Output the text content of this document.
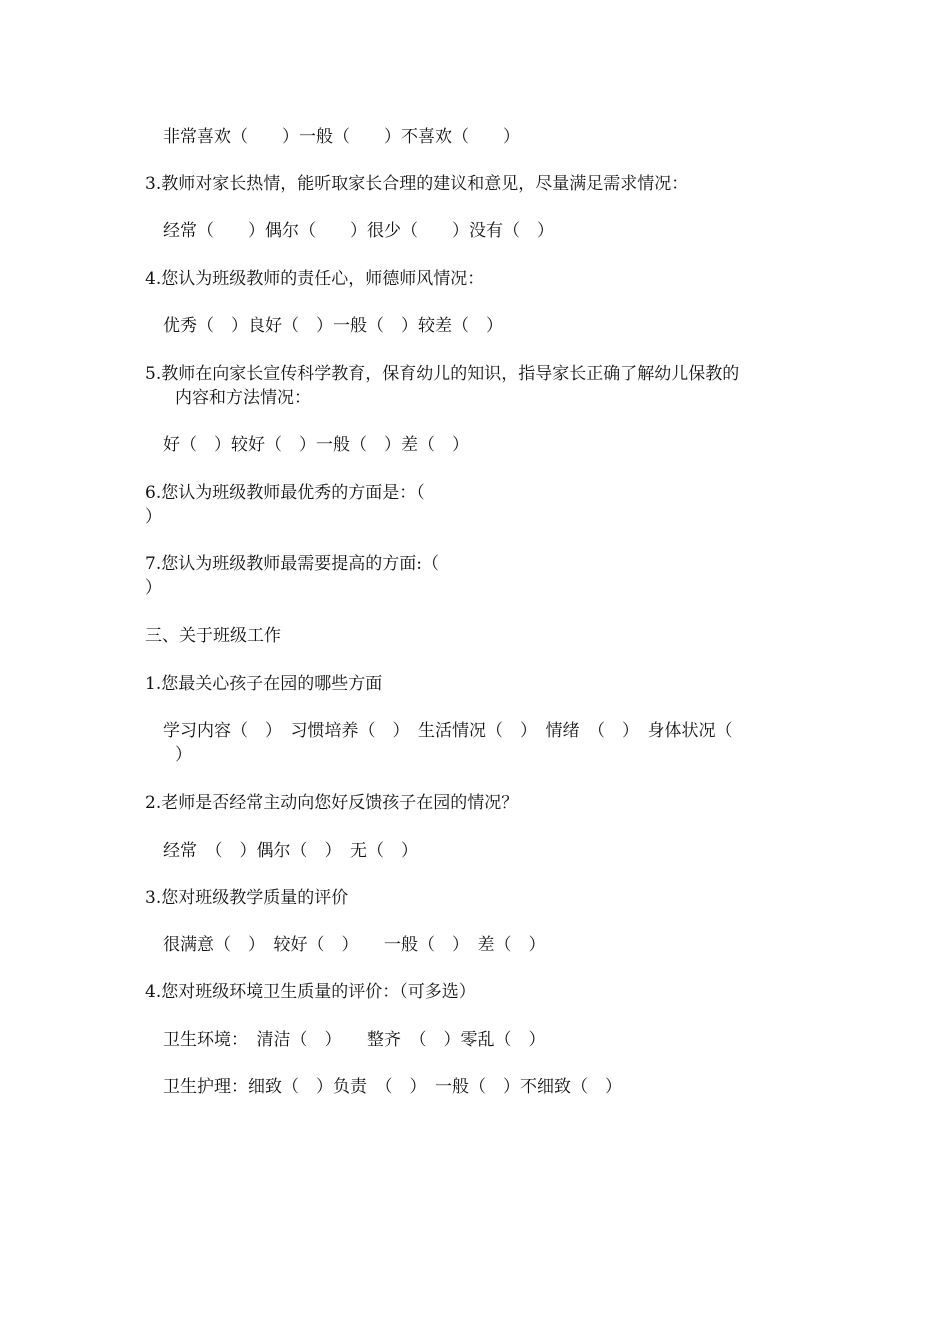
非常喜欢（　　）一般（　　）不喜欢（　　）

3.教师对家长热情，能听取家长合理的建议和意见，尽量满足需求情况：

经常（　　）偶尔（　　）很少（　　）没有（　）

4.您认为班级教师的责任心，师德师风情况：

优秀（　）良好（　）一般（　）较差（　）

5.教师在向家长宣传科学教育，保育幼儿的知识，指导家长正确了解幼儿保教的

内容和方法情况：

好（　）较好（　）一般（　）差（　）

6.您认为班级教师最优秀的方面是：（

）

7.您认为班级教师最需要提高的方面:（

）

三、关于班级工作

1.您最关心孩子在园的哪些方面

学习内容（　）　习惯培养（　）　生活情况（　）　情绪　（　）　身体状况（

）

2.老师是否经常主动向您好反馈孩子在园的情况？

经常　（　）偶尔（　）　无（　）

3.您对班级教学质量的评价

很满意（　）　较好（　）　　一般（　）　差（　）

4.您对班级环境卫生质量的评价：（可多选）

卫生环境：　清洁（　）　　整齐　（　）零乱（　）

卫生护理：细致（　）负责　（　）　一般（　）不细致（　）
